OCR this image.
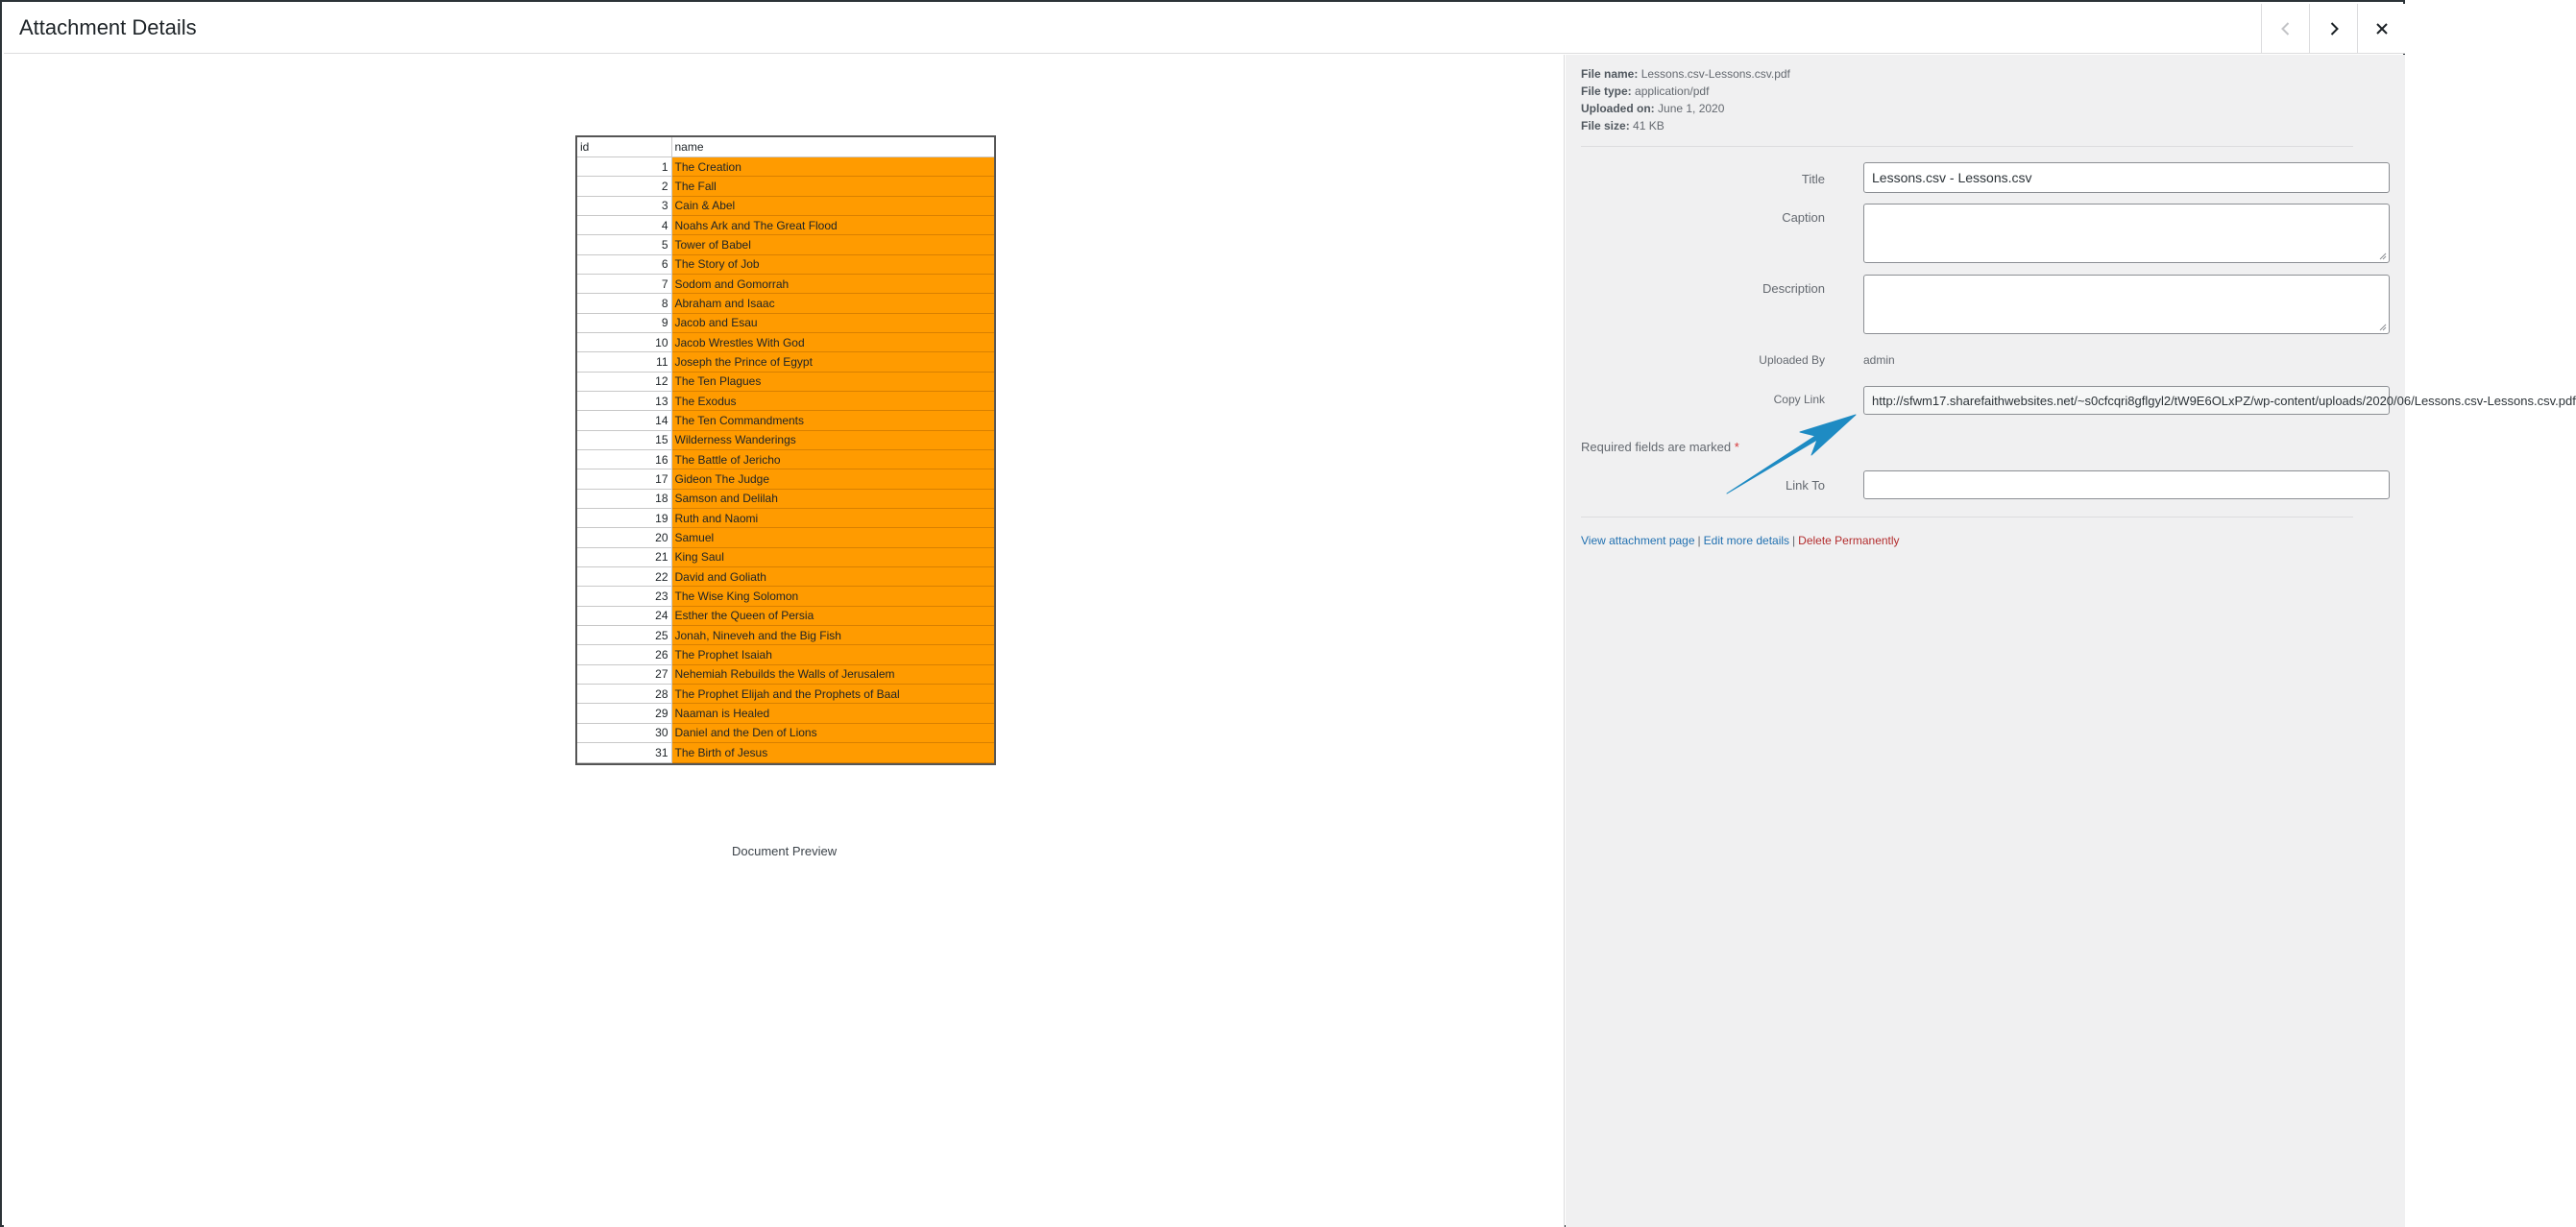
Attachment Details
id	name
1	The Creation
2	The Fall
3	Cain & Abel
4	Noahs Ark and The Great Flood
5	Tower of Babel
6	The Story of Job
7	Sodom and Gomorrah
8	Abraham and Isaac
9	Jacob and Esau
10	Jacob Wrestles With God
11	Joseph the Prince of Egypt
12	The Ten Plagues
13	The Exodus
14	The Ten Commandments
15	Wilderness Wanderings
16	The Battle of Jericho
17	Gideon The Judge
18	Samson and Delilah
19	Ruth and Naomi
20	Samuel
21	King Saul
22	David and Goliath
23	The Wise King Solomon
24	Esther the Queen of Persia
25	Jonah, Nineveh and the Big Fish
26	The Prophet Isaiah
27	Nehemiah Rebuilds the Walls of Jerusalem
28	The Prophet Elijah and the Prophets of Baal
29	Naaman is Healed
30	Daniel and the Den of Lions
31	The Birth of Jesus
Document Preview
File name: Lessons.csv-Lessons.csv.pdf
File type: application/pdf
Uploaded on: June 1, 2020
File size: 41 KB
Title	Lessons.csv - Lessons.csv
Caption
Description
Uploaded By	admin
Copy Link	http://sfwm17.sharefaithwebsites.net/~s0cfcqri8gflgyl2/tW9E6OLxPZ/wp-content/uploads/2020/06/Lessons.csv-Lessons.csv.pdf
Required fields are marked *
Link To
View attachment page | Edit more details | Delete Permanently
